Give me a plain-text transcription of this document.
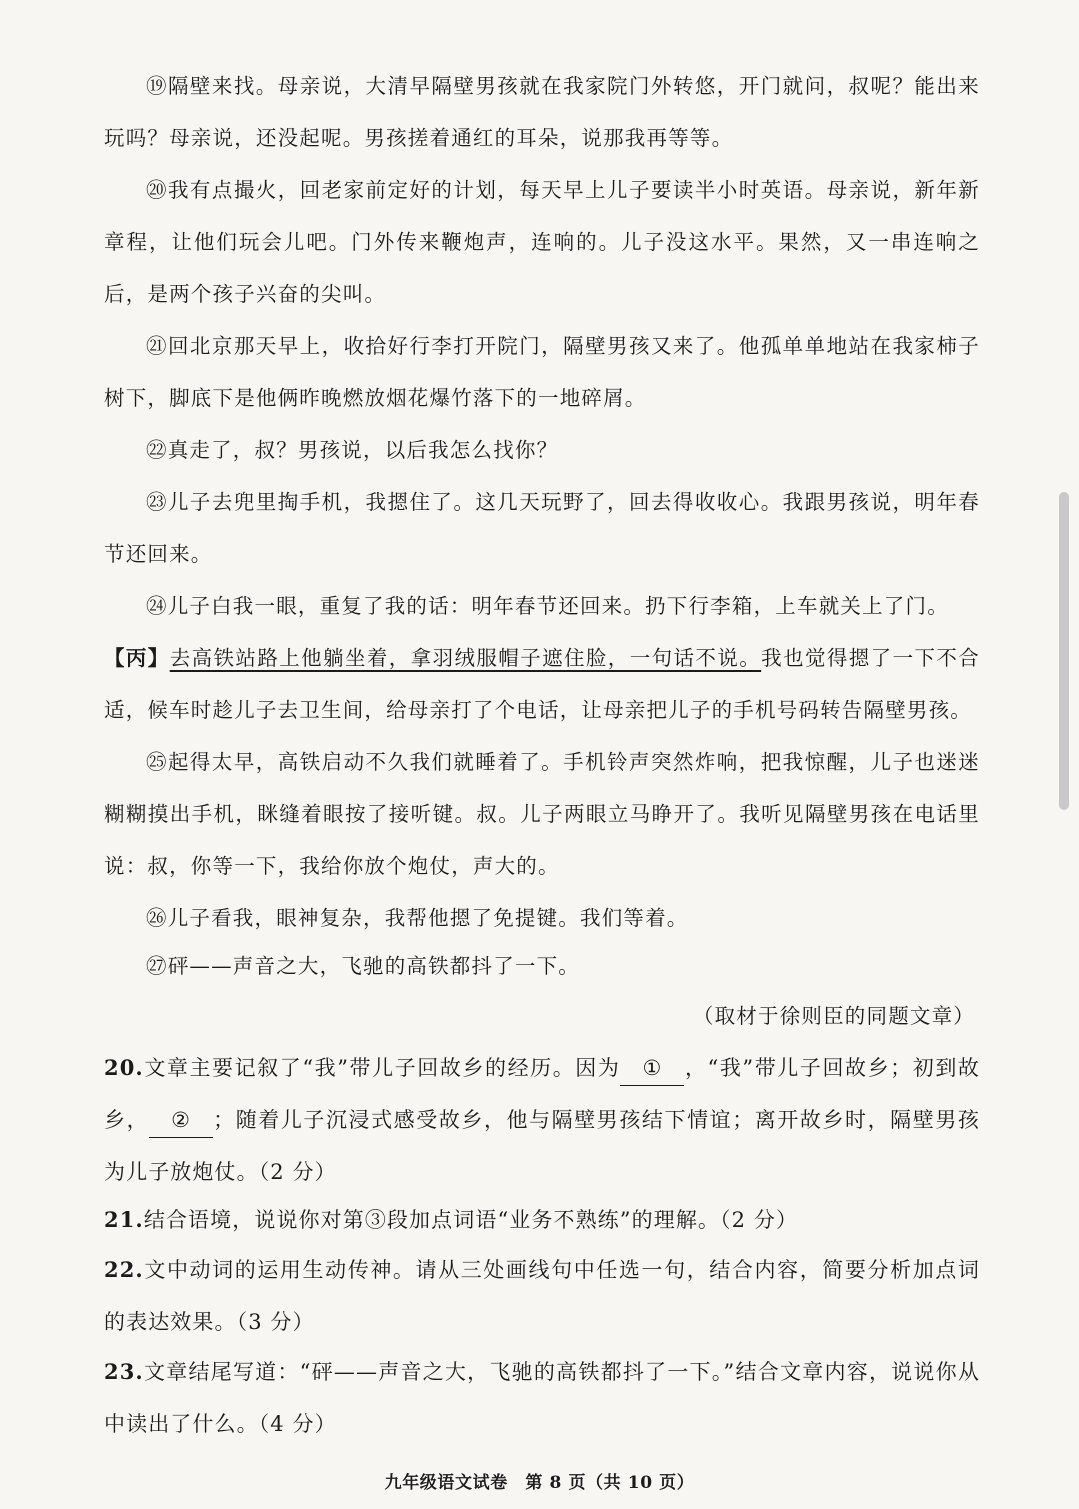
⑲隔壁来找。母亲说，大清早隔壁男孩就在我家院门外转悠，开门就问，叔呢？能出来玩吗？母亲说，还没起呢。男孩搓着通红的耳朵，说那我再等等。

⑳我有点撮火，回老家前定好的计划，每天早上儿子要读半小时英语。母亲说，新年新章程，让他们玩会儿吧。门外传来鞭炮声，连响的。儿子没这水平。果然，又一串连响之后，是两个孩子兴奋的尖叫。

㉑回北京那天早上，收拾好行李打开院门，隔壁男孩又来了。他孤单单地站在我家柿子树下，脚底下是他俩昨晚燃放烟花爆竹落下的一地碎屑。

㉒真走了，叔？男孩说，以后我怎么找你？

㉓儿子去兜里掏手机，我摁住了。这几天玩野了，回去得收收心。我跟男孩说，明年春节还回来。

㉔儿子白我一眼，重复了我的话：明年春节还回来。扔下行李箱，上车就关上了门。

【丙】去高铁站路上他躺坐着，拿羽绒服帽子遮住脸，一句话不说。我也觉得摁了一下不合适，候车时趁儿子去卫生间，给母亲打了个电话，让母亲把儿子的手机号码转告隔壁男孩。

㉕起得太早，高铁启动不久我们就睡着了。手机铃声突然炸响，把我惊醒，儿子也迷迷糊糊摸出手机，眯缝着眼按了接听键。叔。儿子两眼立马睁开了。我听见隔壁男孩在电话里说：叔，你等一下，我给你放个炮仗，声大的。

㉖儿子看我，眼神复杂，我帮他摁了免提键。我们等着。

㉗砰——声音之大，飞驰的高铁都抖了一下。

（取材于徐则臣的同题文章）

20.文章主要记叙了“我”带儿子回故乡的经历。因为 ① ，“我”带儿子回故乡；初到故乡， ② ；随着儿子沉浸式感受故乡，他与隔壁男孩结下情谊；离开故乡时，隔壁男孩为儿子放炮仗。（2 分）

21.结合语境，说说你对第③段加点词语“业务不熟练”的理解。（2 分）

22.文中动词的运用生动传神。请从三处画线句中任选一句，结合内容，简要分析加点词的表达效果。（3 分）

23.文章结尾写道：“砰——声音之大，飞驰的高铁都抖了一下。”结合文章内容，说说你从中读出了什么。（4 分）

九年级语文试卷　第 8 页（共 10 页）
